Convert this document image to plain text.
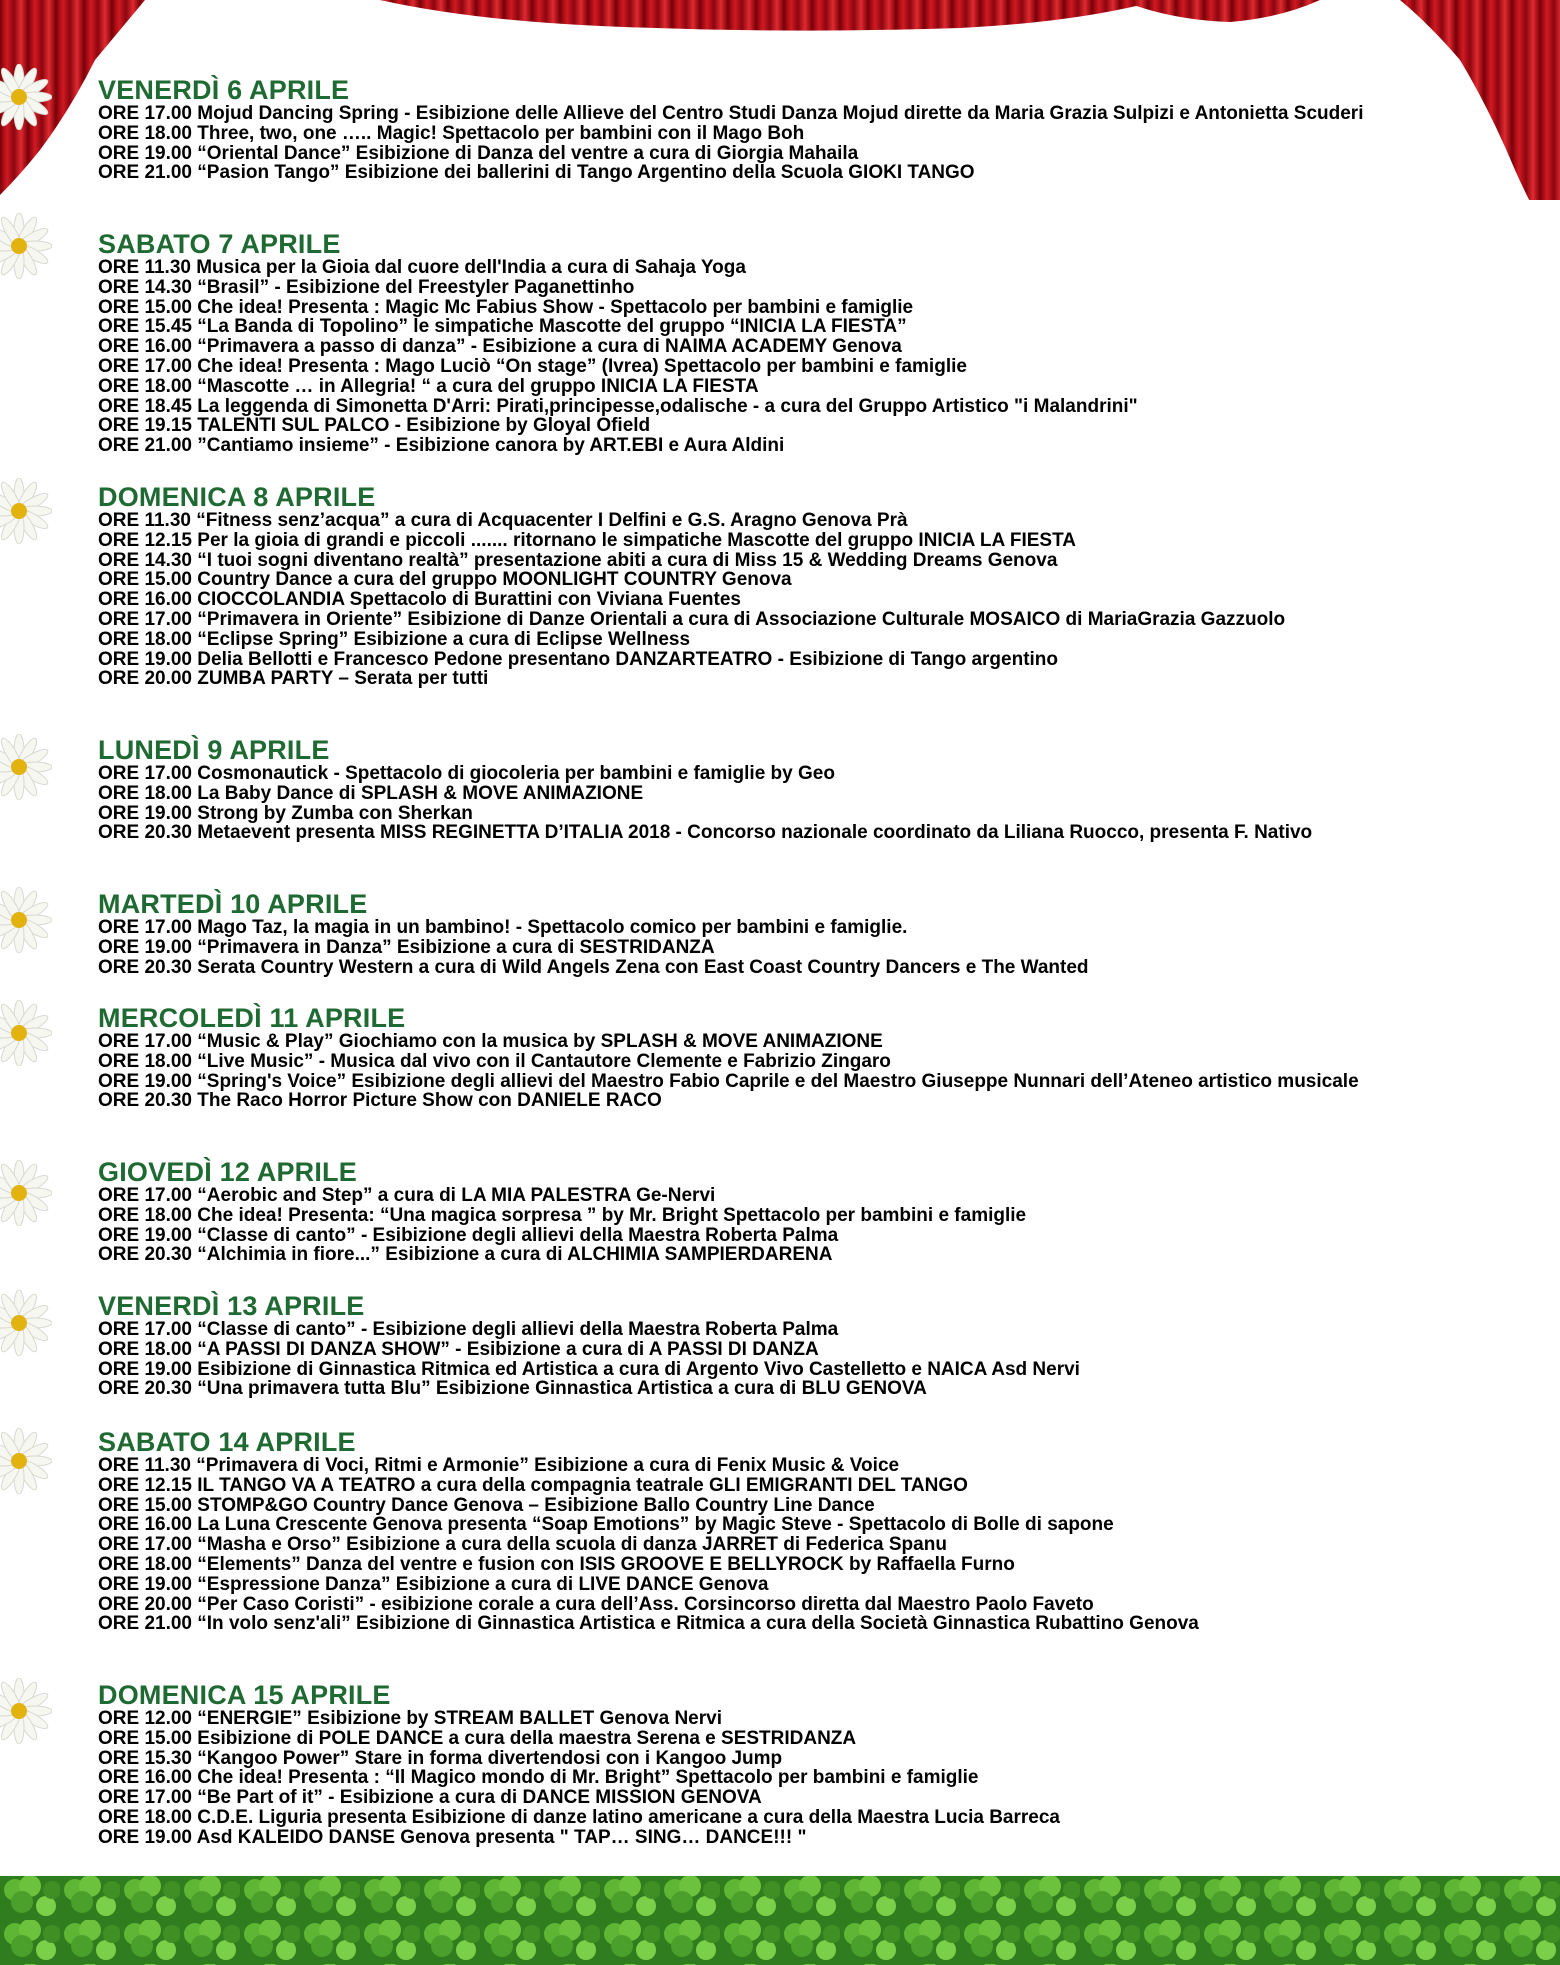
VENERDÌ 6 APRILE

ORE 17.00 Mojud Dancing Spring - Esibizione delle Allieve del Centro Studi Danza Mojud dirette da Maria Grazia Sulpizi e Antonietta Scuderi

ORE 18.00 Three, two, one ….. Magic! Spettacolo per bambini con il Mago Boh

ORE 19.00 “Oriental Dance” Esibizione di Danza del ventre a cura di Giorgia Mahaila

ORE 21.00 “Pasion Tango” Esibizione dei ballerini di Tango Argentino della Scuola GIOKI TANGO

SABATO 7 APRILE

ORE 11.30 Musica per la Gioia dal cuore dell'India a cura di Sahaja Yoga

ORE 14.30 “Brasil” - Esibizione del Freestyler Paganettinho

ORE 15.00 Che idea! Presenta : Magic Mc Fabius Show - Spettacolo per bambini e famiglie

ORE 15.45 “La Banda di Topolino” le simpatiche Mascotte del gruppo “INICIA LA FIESTA”

ORE 16.00 “Primavera a passo di danza” - Esibizione a cura di NAIMA ACADEMY Genova

ORE 17.00 Che idea! Presenta : Mago Luciò “On stage” (Ivrea) Spettacolo per bambini e famiglie

ORE 18.00 “Mascotte … in Allegria! “ a cura del gruppo INICIA LA FIESTA

ORE 18.45 La leggenda di Simonetta D'Arri: Pirati,principesse,odalische - a cura del Gruppo Artistico "i Malandrini"

ORE 19.15 TALENTI SUL PALCO - Esibizione by Gloyal Ofield

ORE 21.00 ”Cantiamo insieme” - Esibizione canora by ART.EBI e Aura Aldini

DOMENICA 8 APRILE

ORE 11.30 “Fitness senz’acqua” a cura di Acquacenter I Delfini e G.S. Aragno Genova Prà

ORE 12.15 Per la gioia di grandi e piccoli ....... ritornano le simpatiche Mascotte del gruppo INICIA LA FIESTA

ORE 14.30 “I tuoi sogni diventano realtà” presentazione abiti a cura di Miss 15 & Wedding Dreams Genova

ORE 15.00 Country Dance a cura del gruppo MOONLIGHT COUNTRY Genova

ORE 16.00 CIOCCOLANDIA Spettacolo di Burattini con Viviana Fuentes

ORE 17.00 “Primavera in Oriente” Esibizione di Danze Orientali a cura di Associazione Culturale MOSAICO di MariaGrazia Gazzuolo

ORE 18.00 “Eclipse Spring” Esibizione a cura di Eclipse Wellness

ORE 19.00 Delia Bellotti e Francesco Pedone presentano DANZARTEATRO - Esibizione di Tango argentino

ORE 20.00 ZUMBA PARTY – Serata per tutti

LUNEDÌ 9 APRILE

ORE 17.00 Cosmonautick - Spettacolo di giocoleria per bambini e famiglie by Geo

ORE 18.00 La Baby Dance di SPLASH & MOVE ANIMAZIONE

ORE 19.00 Strong by Zumba con Sherkan

ORE 20.30 Metaevent presenta MISS REGINETTA D’ITALIA 2018 - Concorso nazionale coordinato da Liliana Ruocco, presenta F. Nativo

MARTEDÌ 10 APRILE

ORE 17.00 Mago Taz, la magia in un bambino! - Spettacolo comico per bambini e famiglie.

ORE 19.00 “Primavera in Danza” Esibizione a cura di SESTRIDANZA

ORE 20.30 Serata Country Western a cura di Wild Angels Zena con East Coast Country Dancers e The Wanted

MERCOLEDÌ 11 APRILE

ORE 17.00 “Music & Play” Giochiamo con la musica by SPLASH & MOVE ANIMAZIONE

ORE 18.00 “Live Music” - Musica dal vivo con il Cantautore Clemente e Fabrizio Zingaro

ORE 19.00 “Spring's Voice” Esibizione degli allievi del Maestro Fabio Caprile e del Maestro Giuseppe Nunnari dell’Ateneo artistico musicale

ORE 20.30 The Raco Horror Picture Show con DANIELE RACO

GIOVEDÌ 12 APRILE

ORE 17.00 “Aerobic and Step” a cura di LA MIA PALESTRA Ge-Nervi

ORE 18.00 Che idea! Presenta: “Una magica sorpresa ” by Mr. Bright Spettacolo per bambini e famiglie

ORE 19.00 “Classe di canto” - Esibizione degli allievi della Maestra Roberta Palma

ORE 20.30 “Alchimia in fiore...” Esibizione a cura di ALCHIMIA SAMPIERDARENA

VENERDÌ 13 APRILE

ORE 17.00 “Classe di canto” - Esibizione degli allievi della Maestra Roberta Palma

ORE 18.00 “A PASSI DI DANZA SHOW” - Esibizione a cura di A PASSI DI DANZA

ORE 19.00 Esibizione di Ginnastica Ritmica ed Artistica a cura di Argento Vivo Castelletto e NAICA Asd Nervi

ORE 20.30 “Una primavera tutta Blu” Esibizione Ginnastica Artistica a cura di BLU GENOVA

SABATO 14 APRILE

ORE 11.30 “Primavera di Voci, Ritmi e Armonie” Esibizione a cura di Fenix Music & Voice

ORE 12.15 IL TANGO VA A TEATRO a cura della compagnia teatrale GLI EMIGRANTI DEL TANGO

ORE 15.00 STOMP&GO Country Dance Genova – Esibizione Ballo Country Line Dance

ORE 16.00 La Luna Crescente Genova presenta “Soap Emotions” by Magic Steve - Spettacolo di Bolle di sapone

ORE 17.00 “Masha e Orso” Esibizione a cura della scuola di danza JARRET di Federica Spanu

ORE 18.00 “Elements” Danza del ventre e fusion con ISIS GROOVE E BELLYROCK by Raffaella Furno

ORE 19.00 “Espressione Danza” Esibizione a cura di LIVE DANCE Genova

ORE 20.00 “Per Caso Coristi” - esibizione corale a cura dell’Ass. Corsincorso diretta dal Maestro Paolo Faveto

ORE 21.00 “In volo senz'ali” Esibizione di Ginnastica Artistica e Ritmica a cura della Società Ginnastica Rubattino Genova

DOMENICA 15 APRILE

ORE 12.00 “ENERGIE” Esibizione by STREAM BALLET Genova Nervi

ORE 15.00 Esibizione di POLE DANCE a cura della maestra Serena e SESTRIDANZA

ORE 15.30 “Kangoo Power” Stare in forma divertendosi con i Kangoo Jump

ORE 16.00 Che idea! Presenta : “Il Magico mondo di Mr. Bright” Spettacolo per bambini e famiglie

ORE 17.00 “Be Part of it” - Esibizione a cura di DANCE MISSION GENOVA

ORE 18.00 C.D.E. Liguria presenta Esibizione di danze latino americane a cura della Maestra Lucia Barreca

ORE 19.00 Asd KALEIDO DANSE Genova presenta " TAP… SING… DANCE!!! "
